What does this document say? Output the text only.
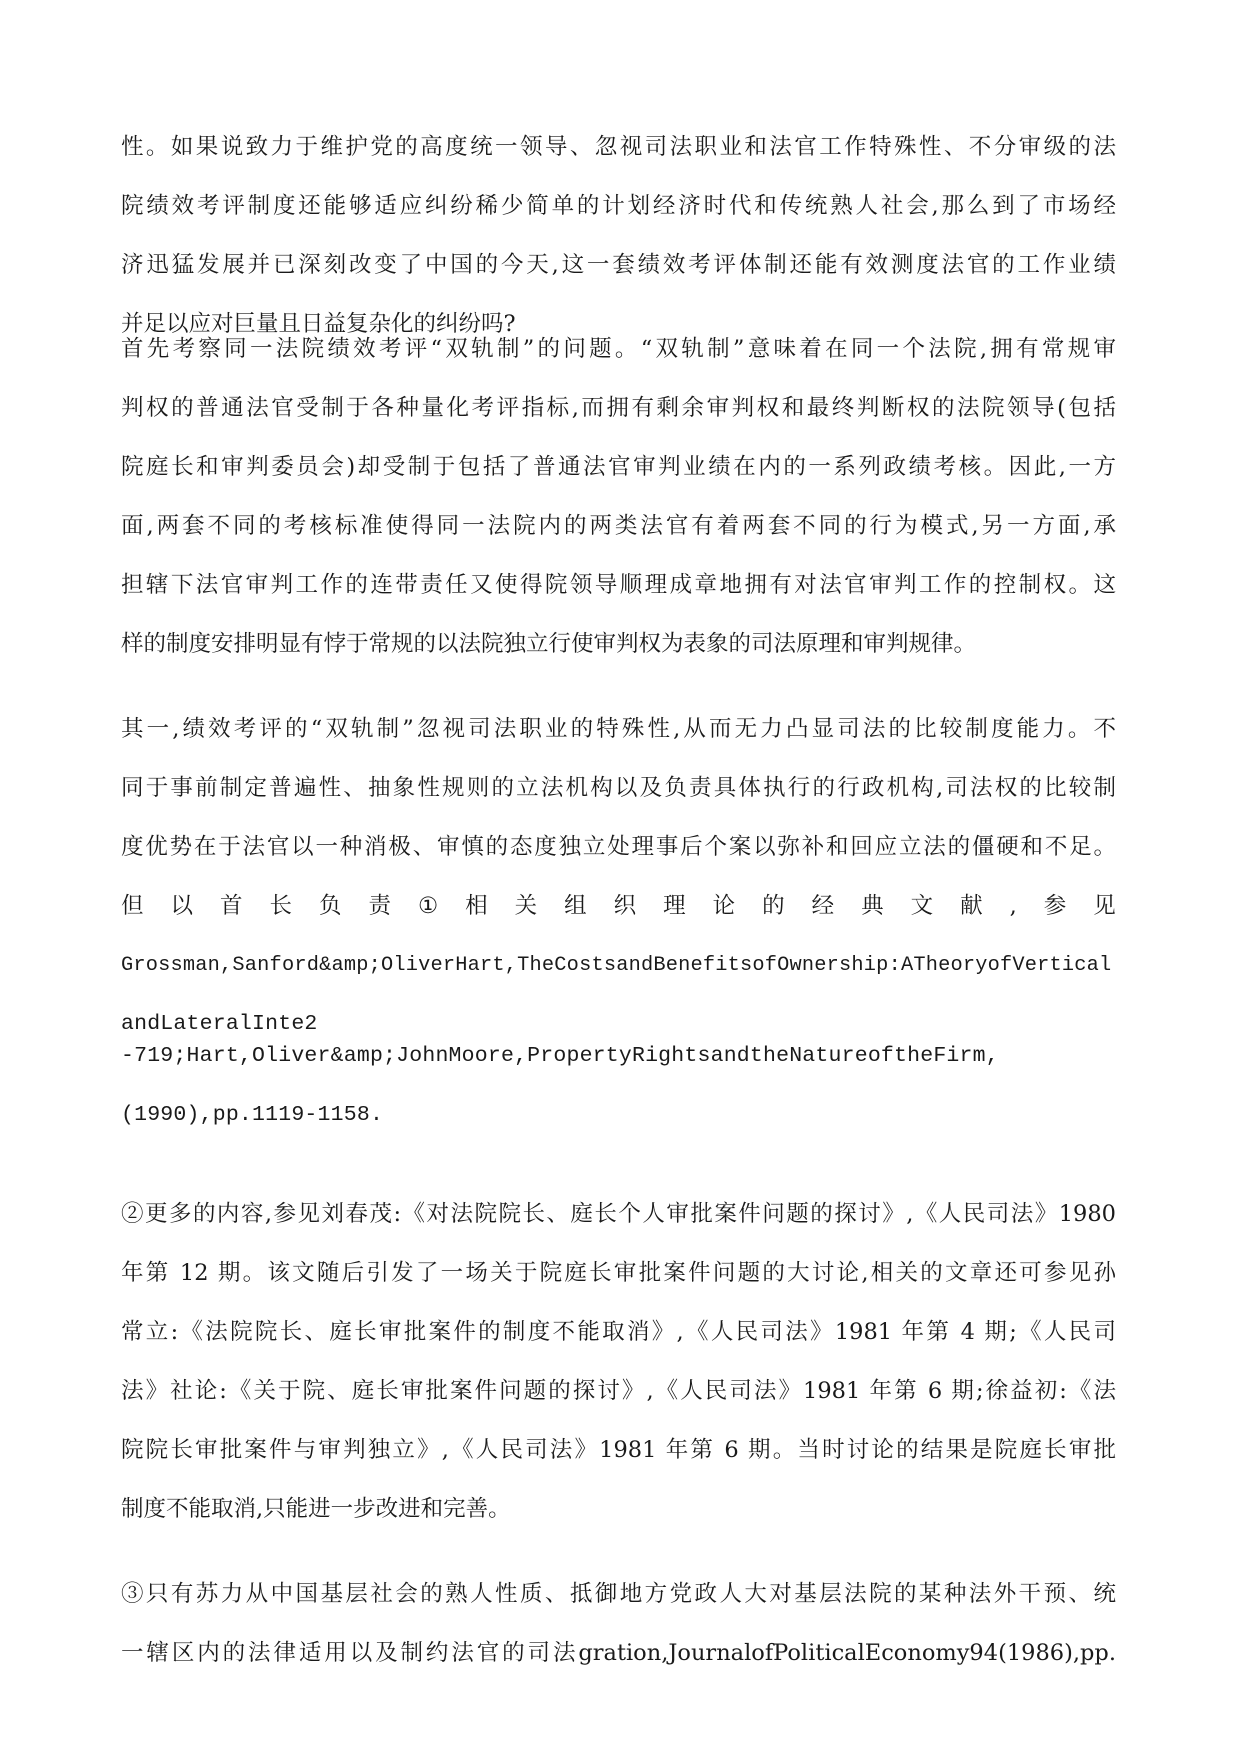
性。如果说致力于维护党的高度统一领导、忽视司法职业和法官工作特殊性、不分审级的法
院绩效考评制度还能够适应纠纷稀少简单的计划经济时代和传统熟人社会,那么到了市场经
济迅猛发展并已深刻改变了中国的今天,这一套绩效考评体制还能有效测度法官的工作业绩
并足以应对巨量且日益复杂化的纠纷吗?
首先考察同一法院绩效考评“双轨制”的问题。“双轨制”意味着在同一个法院,拥有常规审
判权的普通法官受制于各种量化考评指标,而拥有剩余审判权和最终判断权的法院领导(包括
院庭长和审判委员会)却受制于包括了普通法官审判业绩在内的一系列政绩考核。因此,一方
面,两套不同的考核标准使得同一法院内的两类法官有着两套不同的行为模式,另一方面,承
担辖下法官审判工作的连带责任又使得院领导顺理成章地拥有对法官审判工作的控制权。这
样的制度安排明显有悖于常规的以法院独立行使审判权为表象的司法原理和审判规律。
其一,绩效考评的“双轨制”忽视司法职业的特殊性,从而无力凸显司法的比较制度能力。不
同于事前制定普遍性、抽象性规则的立法机构以及负责具体执行的行政机构,司法权的比较制
度优势在于法官以一种消极、审慎的态度独立处理事后个案以弥补和回应立法的僵硬和不足。
但 以 首 长 负 责 ① 相 关 组 织 理 论 的 经 典 文 献 , 参 见
Grossman,Sanford&amp;OliverHart,TheCostsandBenefitsofOwnership:ATheoryofVertical
andLateralInte2
-719;Hart,Oliver&amp;JohnMoore,PropertyRightsandtheNatureoftheFirm,
(1990),pp.1119-1158.
②更多的内容,参见刘春茂:《对法院院长、庭长个人审批案件问题的探讨》,《人民司法》1980
年第 12 期。该文随后引发了一场关于院庭长审批案件问题的大讨论,相关的文章还可参见孙
常立:《法院院长、庭长审批案件的制度不能取消》,《人民司法》1981 年第 4 期;《人民司
法》社论:《关于院、庭长审批案件问题的探讨》,《人民司法》1981 年第 6 期;徐益初:《法
院院长审批案件与审判独立》,《人民司法》1981 年第 6 期。当时讨论的结果是院庭长审批
制度不能取消,只能进一步改进和完善。
③只有苏力从中国基层社会的熟人性质、抵御地方党政人大对基层法院的某种法外干预、统
一辖区内的法律适用以及制约法官的司法gration,JournalofPoliticalEconomy94(1986),pp.
